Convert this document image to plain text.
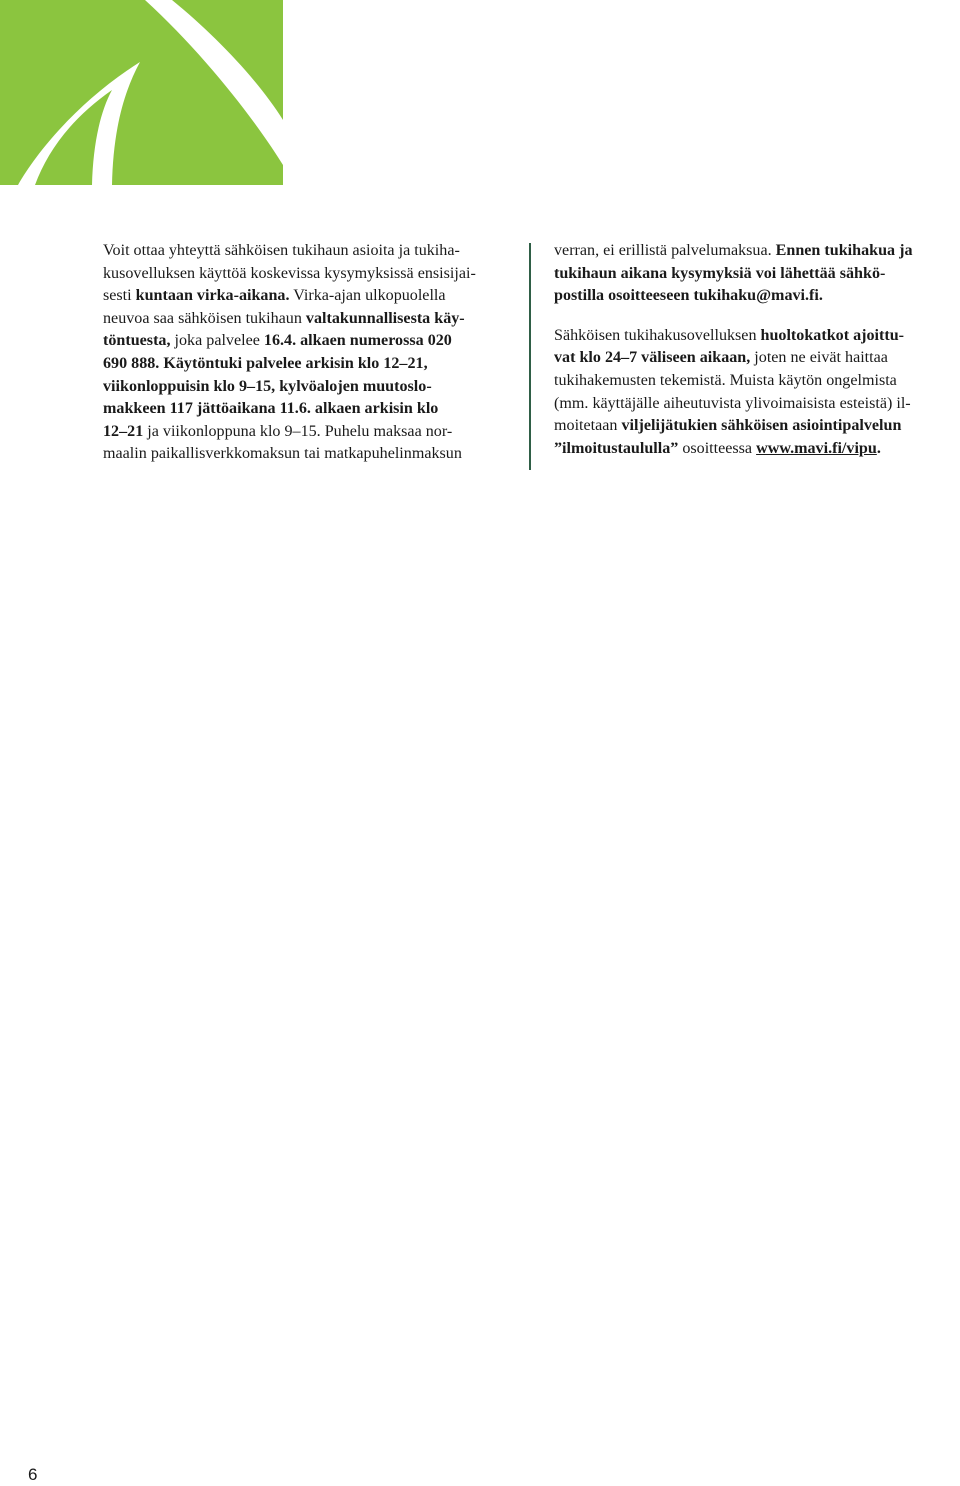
Voit ottaa yhteyttä sähköisen tukihaun asioita ja tukiha-
kusovelluksen käyttöä koskevissa kysymyksissä ensisijai-
sesti kuntaan virka-aikana. Virka-ajan ulkopuolella
neuvoa saa sähköisen tukihaun valtakunnallisesta käy-
töntuesta, joka palvelee 16.4. alkaen numerossa 020
690 888. Käytöntuki palvelee arkisin klo 12–21,
viikonloppuisin klo 9–15, kylvöalojen muutoslo-
makkeen 117 jättöaikana 11.6. alkaen arkisin klo
12–21 ja viikonloppuna klo 9–15. Puhelu maksaa nor-
maalin paikallisverkkomaksun tai matkapuhelinmaksun

verran, ei erillistä palvelumaksua. Ennen tukihakua ja
tukihaun aikana kysymyksiä voi lähettää sähkö-
postilla osoitteeseen tukihaku@mavi.fi.

Sähköisen tukihakusovelluksen huoltokatkot ajoittu-
vat klo 24–7 väliseen aikaan, joten ne eivät haittaa
tukihakemusten tekemistä. Muista käytön ongelmista
(mm. käyttäjälle aiheutuvista ylivoimaisista esteistä) il-
moitetaan viljelijätukien sähköisen asiointipalvelun
”ilmoitustaululla” osoitteessa www.mavi.fi/vipu.

6
